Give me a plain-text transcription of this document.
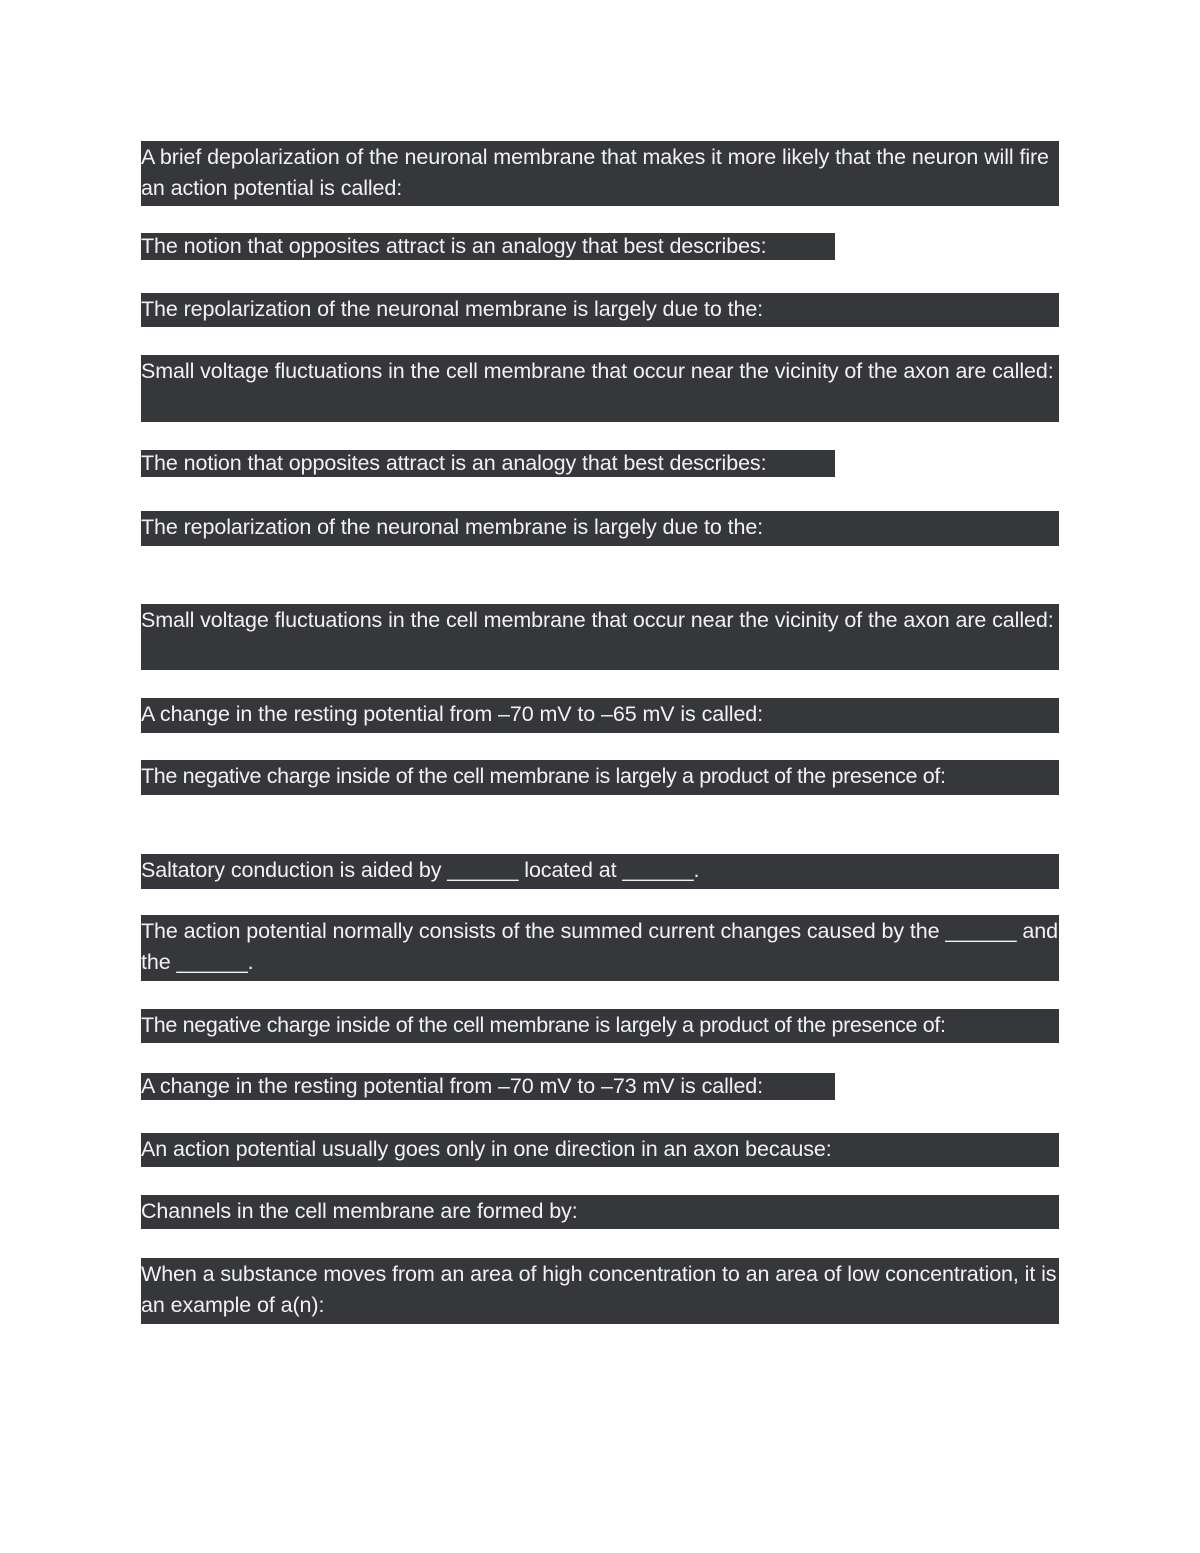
A brief depolarization of the neuronal membrane that makes it more likely that the neuron will fire an action potential is called:
The notion that opposites attract is an analogy that best describes:
The repolarization of the neuronal membrane is largely due to the:
Small voltage fluctuations in the cell membrane that occur near the vicinity of the axon are called:
The notion that opposites attract is an analogy that best describes:
The repolarization of the neuronal membrane is largely due to the:
Small voltage fluctuations in the cell membrane that occur near the vicinity of the axon are called:
A change in the resting potential from –70 mV to –65 mV is called:
The negative charge inside of the cell membrane is largely a product of the presence of:
Saltatory conduction is aided by ______ located at ______.
The action potential normally consists of the summed current changes caused by the ______ and the ______.
The negative charge inside of the cell membrane is largely a product of the presence of:
A change in the resting potential from –70 mV to –73 mV is called:
An action potential usually goes only in one direction in an axon because:
Channels in the cell membrane are formed by:
When a substance moves from an area of high concentration to an area of low concentration, it is an example of a(n):
